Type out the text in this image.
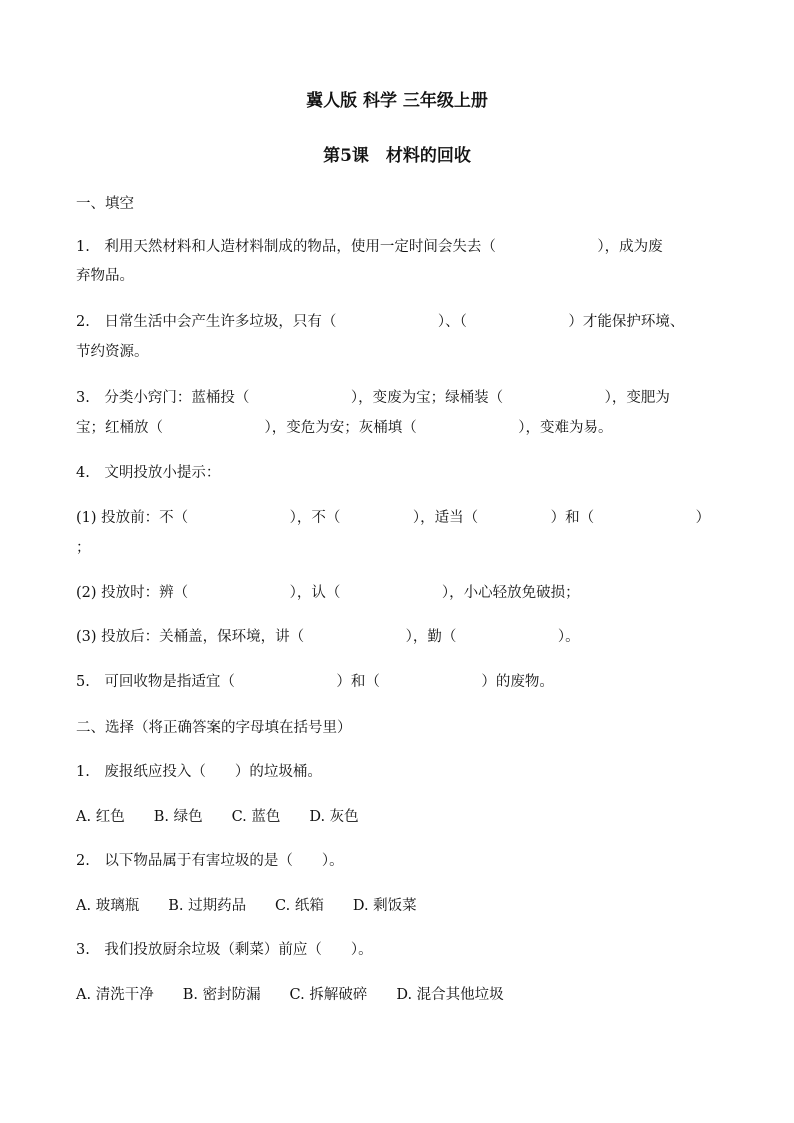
冀人版 科学 三年级上册
第5课　材料的回收
一、填空
1.　利用天然材料和人造材料制成的物品，使用一定时间会失去（　　　　　　　），成为废
弃物品。
2.　日常生活中会产生许多垃圾，只有（　　　　　　　）、（　　　　　　　）才能保护环境、
节约资源。
3.　分类小窍门：蓝桶投（　　　　　　　），变废为宝；绿桶装（　　　　　　　），变肥为
宝；红桶放（　　　　　　　），变危为安；灰桶填（　　　　　　　），变难为易。
4.　文明投放小提示：
(1) 投放前：不（　　　　　　　），不（　　　　　），适当（　　　　　）和（　　　　　　　）
；
(2) 投放时：辨（　　　　　　　），认（　　　　　　　），小心轻放免破损；
(3) 投放后：关桶盖，保环境，讲（　　　　　　　），勤（　　　　　　　）。
5.　可回收物是指适宜（　　　　　　　）和（　　　　　　　）的废物。
二、选择（将正确答案的字母填在括号里）
1.　废报纸应投入（　　）的垃圾桶。
A. 红色　　B. 绿色　　C. 蓝色　　D. 灰色
2.　以下物品属于有害垃圾的是（　　）。
A. 玻璃瓶　　B. 过期药品　　C. 纸箱　　D. 剩饭菜
3.　我们投放厨余垃圾（剩菜）前应（　　）。
A. 清洗干净　　B. 密封防漏　　C. 拆解破碎　　D. 混合其他垃圾
